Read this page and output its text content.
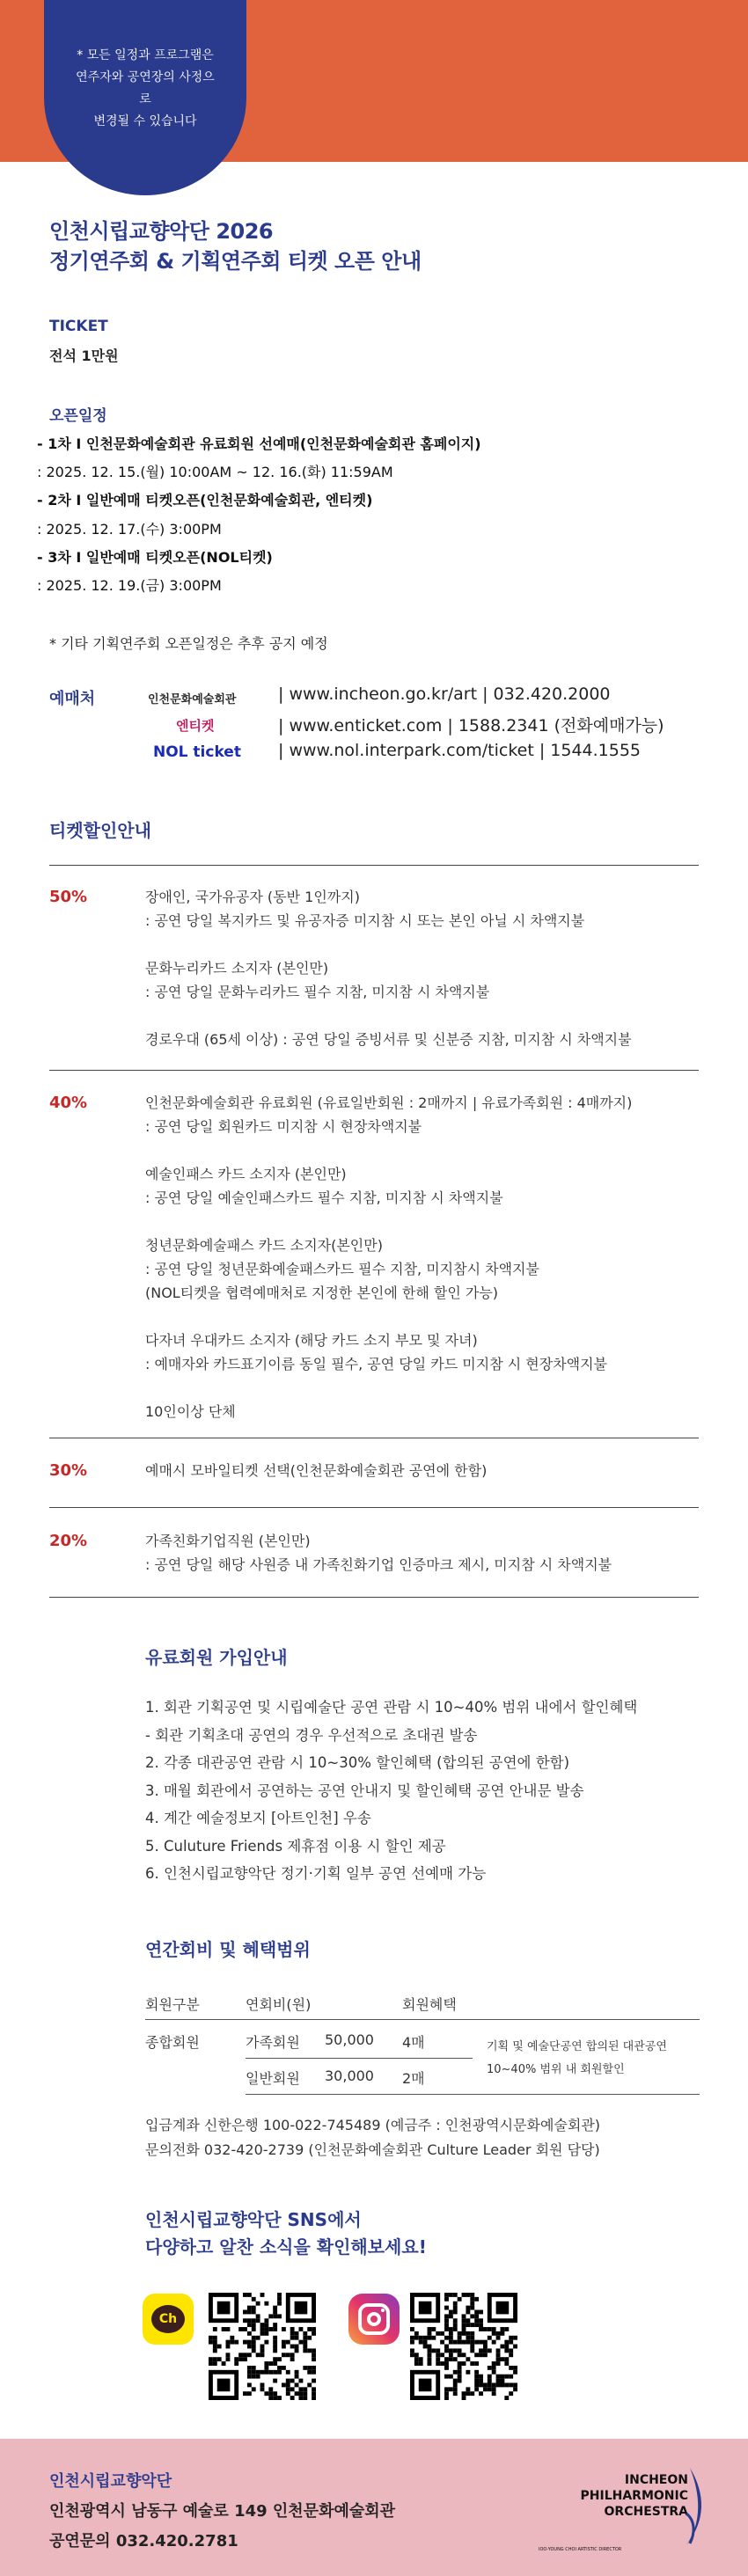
* 모든 일정과 프로그램은
연주자와 공연장의 사정으로
변경될 수 있습니다
인천시립교향악단 2026
정기연주회 & 기획연주회 티켓 오픈 안내
TICKET
전석 1만원
오픈일정
- 1차 I 인천문화예술회관 유료회원 선예매(인천문화예술회관 홈페이지)
: 2025. 12. 15.(월) 10:00AM ~ 12. 16.(화) 11:59AM
- 2차 I 일반예매 티켓오픈(인천문화예술회관, 엔티켓)
: 2025. 12. 17.(수) 3:00PM
- 3차 I 일반예매 티켓오픈(NOL티켓)
: 2025. 12. 19.(금) 3:00PM
* 기타 기획연주회 오픈일정은 추후 공지 예정
예매처	인천문화예술회관	| www.incheon.go.kr/art | 032.420.2000
엔티켓	| www.enticket.com | 1588.2341 (전화예매가능)
NOL ticket | www.nol.interpark.com/ticket | 1544.1555
티켓할인안내
50%	장애인, 국가유공자 (동반 1인까지)
: 공연 당일 복지카드 및 유공자증 미지참 시 또는 본인 아닐 시 차액지불

문화누리카드 소지자 (본인만)
: 공연 당일 문화누리카드 필수 지참, 미지참 시 차액지불

경로우대 (65세 이상) : 공연 당일 증빙서류 및 신분증 지참, 미지참 시 차액지불
40%	인천문화예술회관 유료회원 (유료일반회원 : 2매까지 | 유료가족회원 : 4매까지)
: 공연 당일 회원카드 미지참 시 현장차액지불

예술인패스 카드 소지자 (본인만)
: 공연 당일 예술인패스카드 필수 지참, 미지참 시 차액지불

청년문화예술패스 카드 소지자(본인만)
: 공연 당일 청년문화예술패스카드 필수 지참, 미지참시 차액지불
(NOL티켓을 협력예매처로 지정한 본인에 한해 할인 가능)

다자녀 우대카드 소지자 (해당 카드 소지 부모 및 자녀)
: 예매자와 카드표기이름 동일 필수, 공연 당일 카드 미지참 시 현장차액지불

10인이상 단체
30%	예매시 모바일티켓 선택(인천문화예술회관 공연에 한함)
20%	가족친화기업직원 (본인만)
: 공연 당일 해당 사원증 내 가족친화기업 인증마크 제시, 미지참 시 차액지불
유료회원 가입안내
1. 회관 기획공연 및 시립예술단 공연 관람 시 10~40% 범위 내에서 할인혜택
- 회관 기획초대 공연의 경우 우선적으로 초대권 발송
2. 각종 대관공연 관람 시 10~30% 할인혜택 (합의된 공연에 한함)
3. 매월 회관에서 공연하는 공연 안내지 및 할인혜택 공연 안내문 발송
4. 계간 예술정보지 [아트인천] 우송
5. Culuture Friends 제휴점 이용 시 할인 제공
6. 인천시립교향악단 정기·기획 일부 공연 선예매 가능
연간회비 및 혜택범위
회원구분	연회비(원)	회원혜택
종합회원	가족회원 50,000 4매
일반회원 30,000 2매
기획 및 예술단공연 합의된 대관공연
10~40% 범위 내 회원할인
입금계좌 신한은행 100-022-745489 (예금주 : 인천광역시문화예술회관)
문의전화 032-420-2739 (인천문화예술회관 Culture Leader 회원 담당)
인천시립교향악단 SNS에서
다양하고 알찬 소식을 확인해보세요!
Ch
인천시립교향악단
인천광역시 남동구 예술로 149 인천문화예술회관
공연문의 032.420.2781
INCHEON
PHILHARMONIC
ORCHESTRA
IOO-YOUNG CHOI ARTISTIC DIRECTOR
